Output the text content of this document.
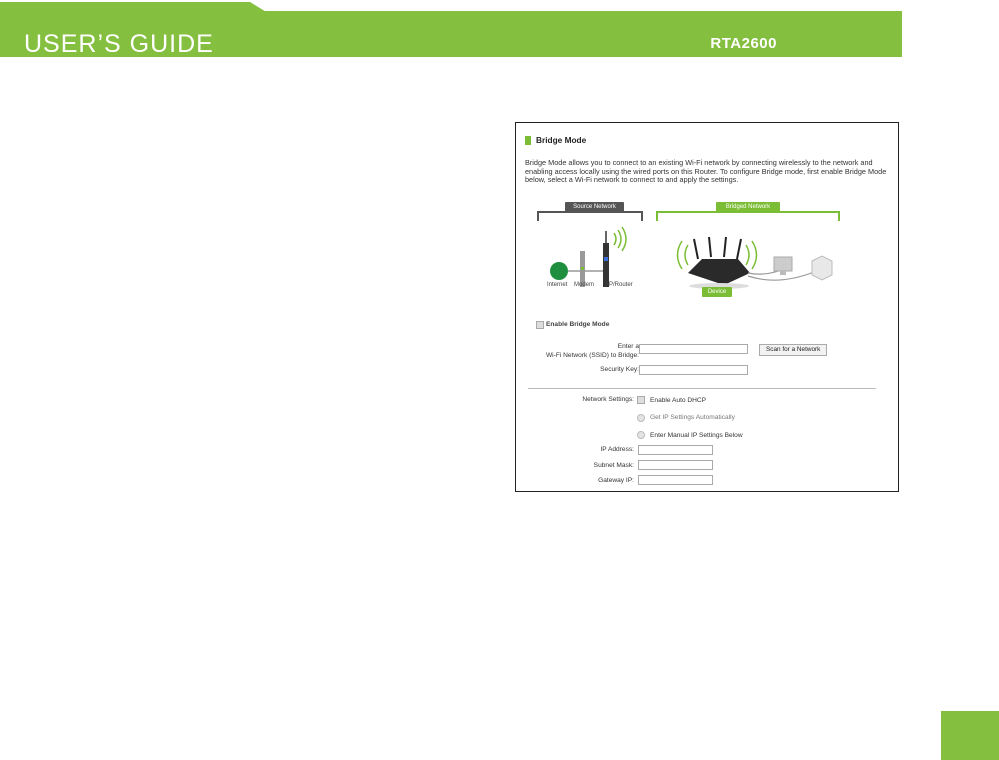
USER’S GUIDE	RTA2600
Bridge Mode
Bridge Mode allows you to connect to an existing Wi-Fi network by connecting wirelessly to the network and enabling access locally using the wired ports on this Router. To configure Bridge mode, first enable Bridge Mode below, select a Wi-Fi network to connect to and apply the settings.
Source Network	Bridged Network
Internet Modem AP/Router
Device
Enable Bridge Mode
Enter a
Wi-Fi Network (SSID) to Bridge:
Scan for a Network
Security Key:
Network Settings: Enable Auto DHCP
Get IP Settings Automatically
Enter Manual IP Settings Below
IP Address:
Subnet Mask:
Gateway IP:
